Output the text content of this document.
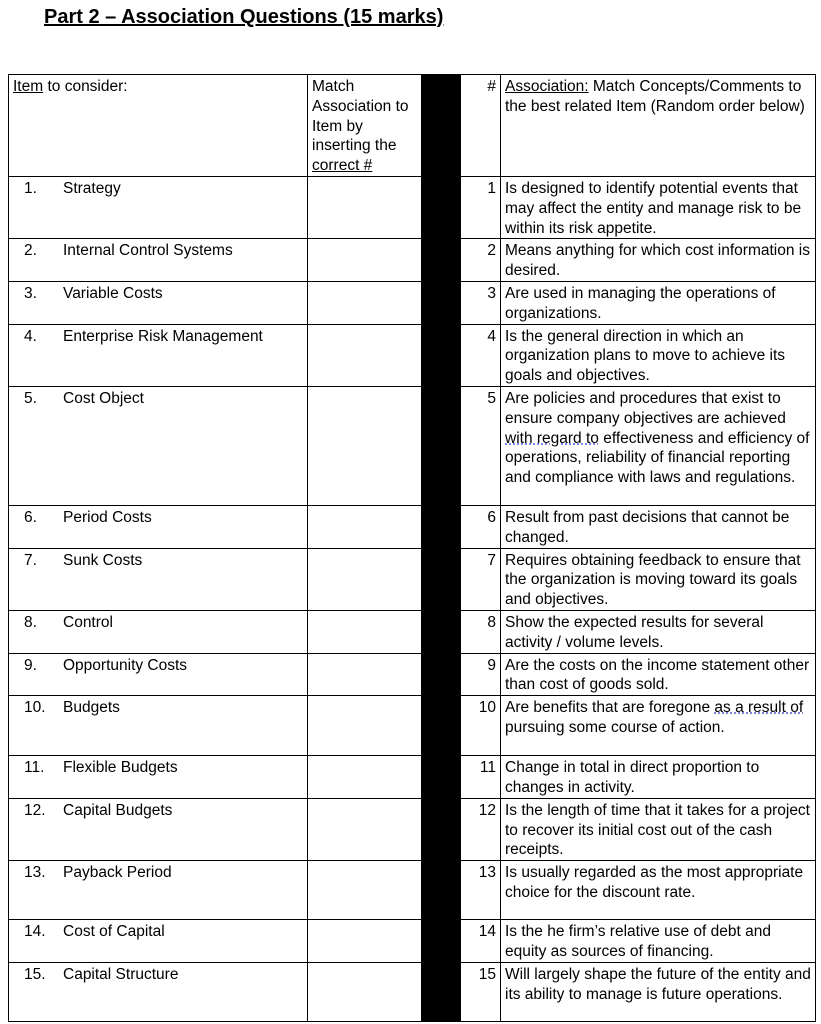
Part 2 – Association Questions (15 marks)
Item to consider:	Match Association to Item by inserting the correct #		#	Association: Match Concepts/Comments to the best related Item (Random order below)
1. Strategy			1	Is designed to identify potential events that may affect the entity and manage risk to be within its risk appetite.
2. Internal Control Systems			2	Means anything for which cost information is desired.
3. Variable Costs			3	Are used in managing the operations of organizations.
4. Enterprise Risk Management			4	Is the general direction in which an organization plans to move to achieve its goals and objectives.
5. Cost Object			5	Are policies and procedures that exist to ensure company objectives are achieved with regard to effectiveness and efficiency of operations, reliability of financial reporting and compliance with laws and regulations.
6. Period Costs			6	Result from past decisions that cannot be changed.
7. Sunk Costs			7	Requires obtaining feedback to ensure that the organization is moving toward its goals and objectives.
8. Control			8	Show the expected results for several activity / volume levels.
9. Opportunity Costs			9	Are the costs on the income statement other than cost of goods sold.
10. Budgets			10	Are benefits that are foregone as a result of pursuing some course of action.
11. Flexible Budgets			11	Change in total in direct proportion to changes in activity.
12. Capital Budgets			12	Is the length of time that it takes for a project to recover its initial cost out of the cash receipts.
13. Payback Period			13	Is usually regarded as the most appropriate choice for the discount rate.
14. Cost of Capital			14	Is the he firm’s relative use of debt and equity as sources of financing.
15. Capital Structure			15	Will largely shape the future of the entity and its ability to manage is future operations.
